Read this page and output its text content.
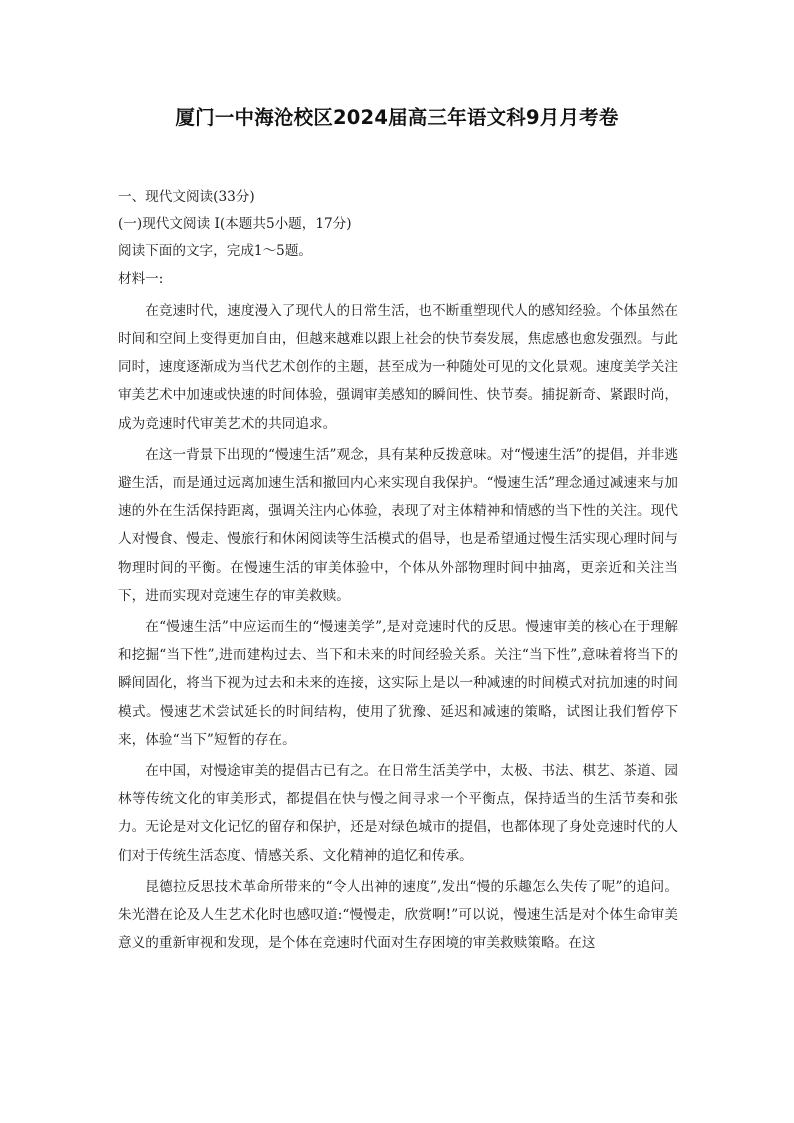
厦门一中海沧校区2024届高三年语文科9月月考卷

一、现代文阅读(33分)

(一)现代文阅读 I(本题共5小题，17分)

阅读下面的文字，完成1～5题。

材料一:

在竞速时代，速度漫入了现代人的日常生活，也不断重塑现代人的感知经验。个体虽然在时间和空间上变得更加自由，但越来越难以跟上社会的快节奏发展，焦虑感也愈发强烈。与此同时，速度逐渐成为当代艺术创作的主题，甚至成为一种随处可见的文化景观。速度美学关注审美艺术中加速或快速的时间体验，强调审美感知的瞬间性、快节奏。捕捉新奇、紧跟时尚，成为竞速时代审美艺术的共同追求。

在这一背景下出现的“慢速生活”观念，具有某种反拨意味。对“慢速生活”的提倡，并非逃避生活，而是通过远离加速生活和撤回内心来实现自我保护。“慢速生活”理念通过减速来与加速的外在生活保持距离，强调关注内心体验，表现了对主体精神和情感的当下性的关注。现代人对慢食、慢走、慢旅行和休闲阅读等生活模式的倡导，也是希望通过慢生活实现心理时间与物理时间的平衡。在慢速生活的审美体验中，个体从外部物理时间中抽离，更亲近和关注当下，进而实现对竞速生存的审美救赎。

在“慢速生活”中应运而生的“慢速美学”,是对竞速时代的反思。慢速审美的核心在于理解和挖掘“当下性”,进而建构过去、当下和未来的时间经验关系。关注“当下性”,意味着将当下的瞬间固化，将当下视为过去和未来的连接，这实际上是以一种减速的时间模式对抗加速的时间模式。慢速艺术尝试延长的时间结构，使用了犹豫、延迟和减速的策略，试图让我们暂停下来，体验“当下”短暂的存在。

在中国，对慢途审美的提倡古已有之。在日常生活美学中，太极、书法、棋艺、茶道、园林等传统文化的审美形式，都提倡在快与慢之间寻求一个平衡点，保持适当的生活节奏和张力。无论是对文化记忆的留存和保护，还是对绿色城市的提倡，也都体现了身处竞速时代的人们对于传统生活态度、情感关系、文化精神的追忆和传承。

昆德拉反思技术革命所带来的“令人出神的速度”,发出“慢的乐趣怎么失传了呢”的追问。朱光潜在论及人生艺术化时也感叹道:“慢慢走，欣赏啊!”可以说，慢速生活是对个体生命审美意义的重新审视和发现，是个体在竞速时代面对生存困境的审美救赎策略。在这
